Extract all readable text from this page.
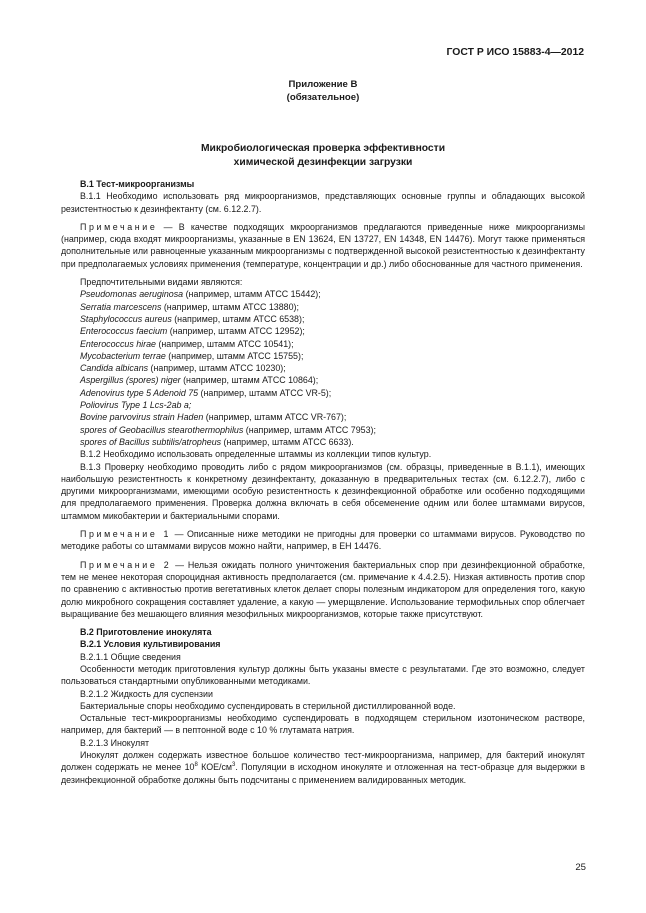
ГОСТ Р ИСО 15883-4—2012
Приложение В
(обязательное)
Микробиологическая проверка эффективности
химической дезинфекции загрузки

В.1 Тест-микроорганизмы

В.1.1 Необходимо использовать ряд микроорганизмов, представляющих основные группы и обладающих высокой резистентностью к дезинфектанту (см. 6.12.2.7).

Примечание — В качестве подходящих мкроорганизмов предлагаются приведенные ниже микроорганизмы (например, сюда входят микроорганизмы, указанные в EN 13624, EN 13727, EN 14348, EN 14476). Могут также применяться дополнительные или равноценные указанным микроорганизмы с подтвержденной высокой резистентностью к дезинфектанту при предполагаемых условиях применения (температуре, концентрации и др.) либо обоснованные для частного применения.

Предпочтительными видами являются:

Pseudomonas aeruginosa (например, штамм АТСС 15442);

Serratia marcescens (например, штамм АТСС 13880);

Staphylococcus aureus (например, штамм АТСС 6538);

Enterococcus faecium (например, штамм АТСС 12952);

Enterococcus hirae (например, штамм АТСС 10541);

Mycobacterium terrae (например, штамм АТСС 15755);

Candida albicans (например, штамм АТСС 10230);

Aspergillus (spores) niger (например, штамм АТСС 10864);

Adenovirus type 5 Adenoid 75 (например, штамм АТСС VR-5);

Poliovirus Type 1 Lcs-2ab a;

Bovine parvovirus strain Haden (например, штамм АТСС VR-767);

spores of Geobacillus stearothermophilus (например, штамм АТСС 7953);

spores of Bacillus subtilis/atropheus (например, штамм АТСС 6633).

В.1.2 Необходимо использовать определенные штаммы из коллекции типов культур.

В.1.3 Проверку необходимо проводить либо с рядом микроорганизмов (см. образцы, приведенные в В.1.1), имеющих наибольшую резистентность к конкретному дезинфектанту, доказанную в предварительных тестах (см. 6.12.2.7), либо с другими микроорганизмами, имеющими особую резистентность к дезинфекционной обработке или особенно подходящими для предполагаемого применения. Проверка должна включать в себя обсеменение одним или более штаммами вирусов, штаммом микобактерии и бактериальными спорами.

Примечание 1 — Описанные ниже методики не пригодны для проверки со штаммами вирусов. Руководство по методике работы со штаммами вирусов можно найти, например, в ЕН 14476.

Примечание 2 — Нельзя ожидать полного уничтожения бактериальных спор при дезинфекционной обработке, тем не менее некоторая спороцидная активность предполагается (см. примечание к 4.4.2.5). Низкая активность против спор по сравнению с активностью против вегетативных клеток делает споры полезным индикатором для определения того, какую долю микробного сокращения составляет удаление, а какую — умерщвление. Использование термофильных спор облегчает выращивание без мешающего влияния мезофильных микроорганизмов, которые также присутствуют.

В.2 Приготовление инокулята

В.2.1 Условия культивирования

В.2.1.1 Общие сведения

Особенности методик приготовления культур должны быть указаны вместе с результатами. Где это возможно, следует пользоваться стандартными опубликованными методиками.

В.2.1.2 Жидкость для суспензии

Бактериальные споры необходимо суспендировать в стерильной дистиллированной воде.

Остальные тест-микроорганизмы необходимо суспендировать в подходящем стерильном изотоническом растворе, например, для бактерий — в пептонной воде с 10 % глутамата натрия.

В.2.1.3 Инокулят

Инокулят должен содержать известное большое количество тест-микроорганизма, например, для бактерий инокулят должен содержать не менее $10^8$ КОЕ/$см^3$. Популяции в исходном инокуляте и отложенная на тест-образце для выдержки в дезинфекционной обработке должны быть подсчитаны с применением валидированных методик.

25
